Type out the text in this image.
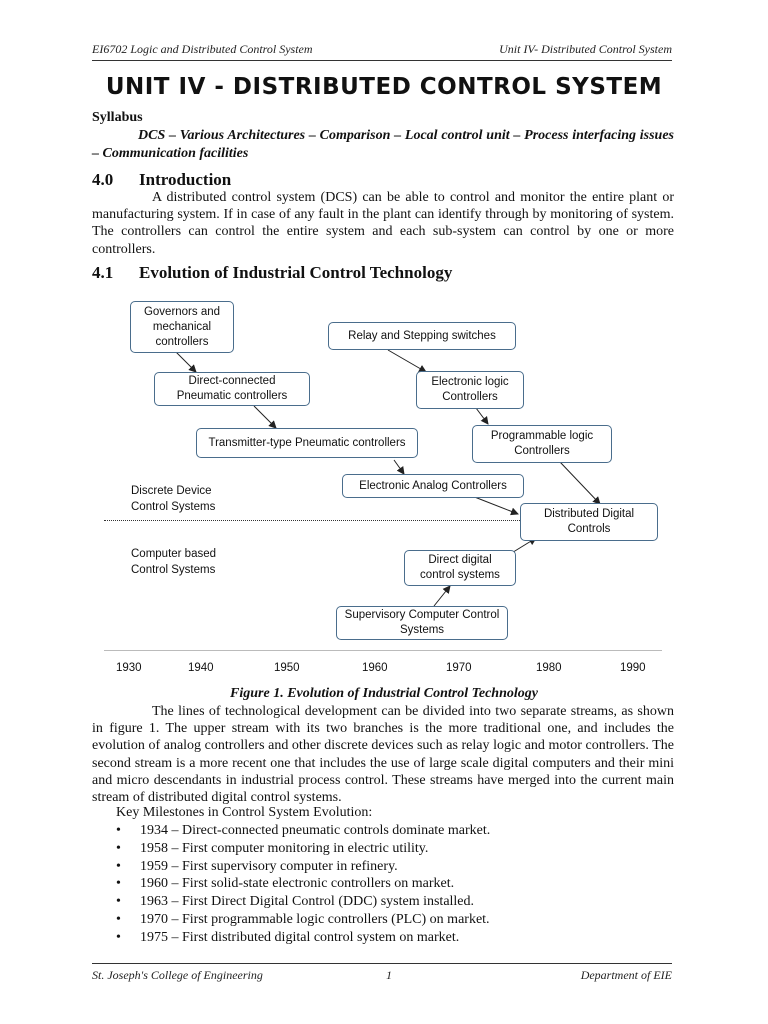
EI6702 Logic and Distributed Control System	Unit IV- Distributed Control System
UNIT IV - DISTRIBUTED CONTROL SYSTEM
Syllabus
DCS – Various Architectures – Comparison – Local control unit – Process interfacing issues – Communication facilities
4.0 Introduction
A distributed control system (DCS) can be able to control and monitor the entire plant or manufacturing system. If in case of any fault in the plant can identify through by monitoring of system. The controllers can control the entire system and each sub-system can control by one or more controllers.
4.1 Evolution of Industrial Control Technology
Governors and mechanical controllers	Relay and Stepping switches
Direct-connected Pneumatic controllers
Electronic logic Controllers
Transmitter-type Pneumatic controllers
Programmable logic Controllers
Electronic Analog Controllers
Distributed Digital Controls
Direct digital control systems
Supervisory Computer Control Systems
Discrete Device Control Systems
Computer based Control Systems
1930	1940	1950	1960	1970	1980	1990
Figure 1. Evolution of Industrial Control Technology
The lines of technological development can be divided into two separate streams, as shown in figure 1. The upper stream with its two branches is the more traditional one, and includes the evolution of analog controllers and other discrete devices such as relay logic and motor controllers. The second stream is a more recent one that includes the use of large scale digital computers and their mini and micro descendants in industrial process control. These streams have merged into the current main stream of distributed digital control systems.
Key Milestones in Control System Evolution:
• 1934 – Direct-connected pneumatic controls dominate market.
• 1958 – First computer monitoring in electric utility.
• 1959 – First supervisory computer in refinery.
• 1960 – First solid-state electronic controllers on market.
• 1963 – First Direct Digital Control (DDC) system installed.
• 1970 – First programmable logic controllers (PLC) on market.
• 1975 – First distributed digital control system on market.
St. Joseph's College of Engineering	1	Department of EIE
